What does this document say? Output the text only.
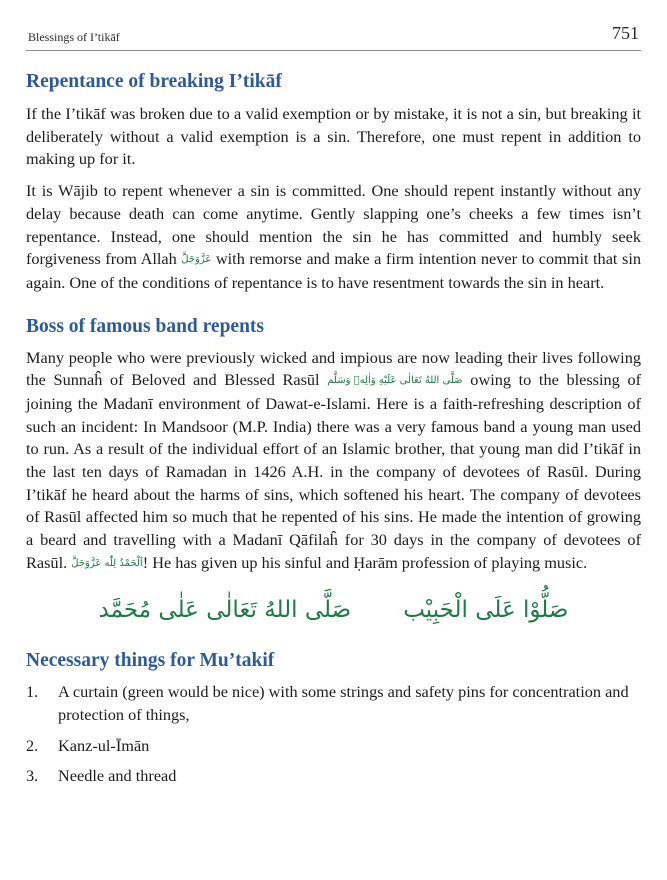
Blessings of I’tikāf	751
Repentance of breaking I’tikāf

If the I’tikāf was broken due to a valid exemption or by mistake, it is not a sin, but breaking it deliberately without a valid exemption is a sin. Therefore, one must repent in addition to making up for it.

It is Wājib to repent whenever a sin is committed. One should repent instantly without any delay because death can come anytime. Gently slapping one’s cheeks a few times isn’t repentance. Instead, one should mention the sin he has committed and humbly seek forgiveness from Allah عَزَّوَجَلَّ with remorse and make a firm intention never to commit that sin again. One of the conditions of repentance is to have resentment towards the sin in heart.

Boss of famous band repents

Many people who were previously wicked and impious are now leading their lives following the Sunnaĥ of Beloved and Blessed Rasūl صَلَّى اللهُ تَعَالٰى عَلَيْهِ وَاٰلِهٖ وَسَلَّم owing to the blessing of joining the Madanī environment of Dawat-e-Islami. Here is a faith-refreshing description of such an incident: In Mandsoor (M.P. India) there was a very famous band a young man used to run. As a result of the individual effort of an Islamic brother, that young man did I’tikāf in the last ten days of Ramadan in 1426 A.H. in the company of devotees of Rasūl. During I’tikāf he heard about the harms of sins, which softened his heart. The company of devotees of Rasūl affected him so much that he repented of his sins. He made the intention of growing a beard and travelling with a Madanī Qāfilaĥ for 30 days in the company of devotees of Rasūl. اَلْحَمْدُ لِلّٰه عَزَّوَجَلَّ! He has given up his sinful and Ḥarām profession of playing music.

صَلَّى اللهُ تَعَالٰى عَلٰى مُحَمَّد صَلُّوْا عَلَى الْحَبِيْب
Necessary things for Mu’takif
1.	A curtain (green would be nice) with some strings and safety pins for concentration and protection of things,
2.	Kanz-ul-Īmān
3.	Needle and thread
